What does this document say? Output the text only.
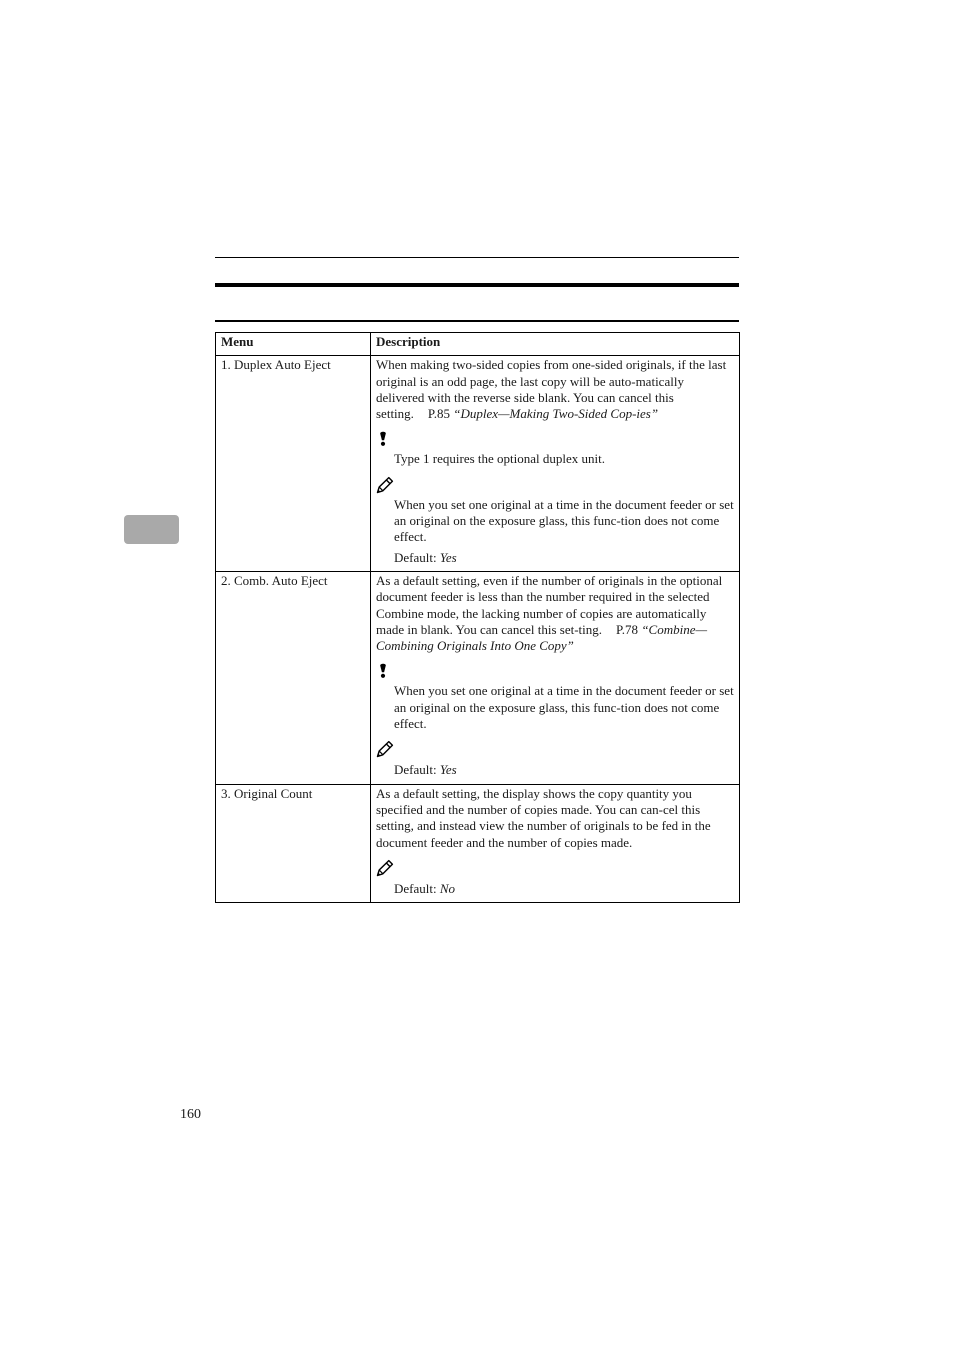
Menu	Description
1. Duplex Auto Eject	When making two-sided copies from one-sided originals, if the last original is an odd page, the last copy will be auto-matically delivered with the reverse side blank. You can cancel this setting. P.85 “Duplex—Making Two-Sided Cop-ies”

Type 1 requires the optional duplex unit.

When you set one original at a time in the document feeder or set an original on the exposure glass, this func-tion does not come effect.

Default: Yes

2. Comb. Auto Eject	As a default setting, even if the number of originals in the optional document feeder is less than the number required in the selected Combine mode, the lacking number of copies are automatically made in blank. You can cancel this set-ting. P.78 “Combine—Combining Originals Into One Copy”

When you set one original at a time in the document feeder or set an original on the exposure glass, this func-tion does not come effect.

Default: Yes

3. Original Count	As a default setting, the display shows the copy quantity you specified and the number of copies made. You can can-cel this setting, and instead view the number of originals to be fed in the document feeder and the number of copies made.

Default: No

160
